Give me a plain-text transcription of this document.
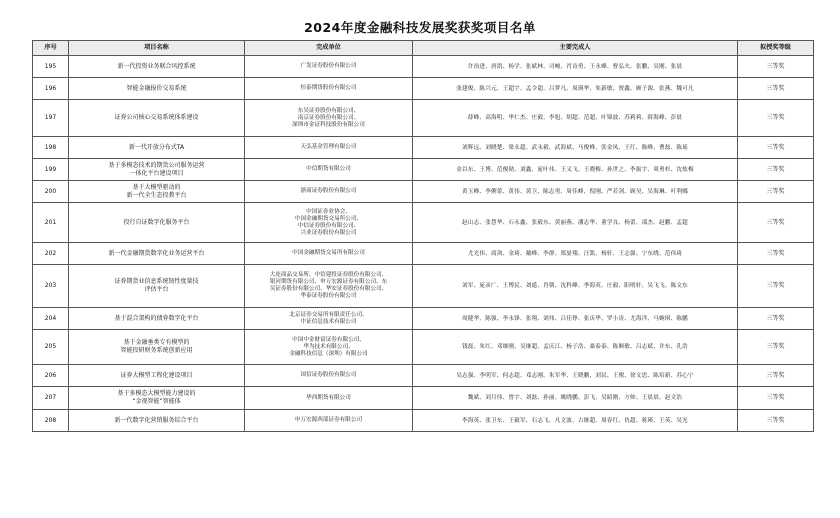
2024年度金融科技发展奖获奖项目名单
序号	项目名称	完成单位	主要完成人	拟授奖等级
195	新一代投资业务联合风控系统	广发证券股份有限公司	许治进、唐凯、杨学、张斌林、司峻、肖诗勇、王永峰、曹弘夫、张鹏、吴刚、张晨	三等奖
196	智能金融报价交易系统	恒泰期货股份有限公司	张建俊、陈兴元、王超宇、孟令超、吕梦凡、周瑛华、朱新敏、贾鑫、顾子源、张燕、魏可凡	三等奖
197	证券公司核心交易系统体系建设	东吴证券股份有限公司、
南京证券股份有限公司、
深圳市金证科技股份有限公司	薛峰、高海明、华仁杰、庄毅、李旭、胡超、范超、叶锦波、苏莉莉、薛海峰、彭晨	三等奖
198	新一代开放分布式TA	天弘基金管理有限公司	刘辉远、刘晓楚、梁永超、武永毅、武海斌、马俊峰、张金凤、王红、陈峰、曹磊、陈瑶	三等奖
199	基于多模态技术的期货公司服务运营
一体化平台建设项目	中信期货有限公司	金以东、王博、范俊勋、刘鑫、庞叶伟、王义飞、王晓梅、孙世之、李振宇、周勇杉、沈炫梅	三等奖
200	基于大模型驱动的
新一代全生态投教平台	浙商证券股份有限公司	黄玉峰、李俐蕾、黄伟、黄卫、陈志勇、周佳峰、倪刚、严若剑、顾昊、吴海琳、叶利娜	三等奖
201	投行自证数字化服务平台	中国证券业协会、
中国金融期货交易所公司、
中信证券股份有限公司、
兴业证券股份有限公司	赵山志、张慧华、石永鑫、张毅东、黄丽燕、潘志华、董学良、杨蕾、邵杰、赵鹏、孟超	三等奖
202	新一代金融期货数字化业务运营平台	中国金融期货交易所有限公司	尤光伟、商剑、金琦、戴峰、李群、郑晏翔、汪凯、杨轩、王志强、宁东晓、范伟琦	三等奖
203	证券期货业信息系统韧性度量技
评估平台	大连商品交易所、中信建投证券股份有限公司、
银河期货有限公司、申万宏源证券有限公司、东
吴证券股份有限公司、华安证券股份有限公司、
华泰证券股份有限公司	刘军、庞彦广、王博民、刘遥、肖朝、沈科峰、季海英、庄毅、阳明轩、吴飞飞、陈文东	三等奖
204	基于混合架构的债券数字化平台	北京证券交易所有限责任公司、
中证信息技术有限公司	周健华、陈强、李永锋、张翔、刘伟、吕佳铮、张庆华、罗小涛、尤海洋、马婉琪、陈鹏	三等奖
205	基于金融垂类专有模型的
智能投研财务系统创新应用	中国中金财富证券有限公司、
华为技术有限公司、
金融科技信息（深圳）有限公司	钱磊、朱红、邓继刚、吴继超、孟庆江、杨子浩、桑泰泰、陈顺敏、吕志斌、井东、孔浩	三等奖
206	证券大模型工程化建设项目	国信证券股份有限公司	吴志强、李明军、何志超、邓志刚、朱军华、王晓鹏、刘民、王俊、徐文思、陈培新、苏心宁	三等奖
207	基于多模态大模型能力建设的
“金视智能”智能体	华西期货有限公司	魏斌、刘月伟、曾宇、刘磊、孙丽、姚晓鹏、彭飞、吴昭刚、方帅、王晨晨、赵文浩	三等奖
208	新一代数字化营销服务综合平台	申万宏源西部证券有限公司	李海英、张卫东、王毅军、石志飞、凡文波、古继超、周春红、仇超、蒋瑛、王英、吴光	三等奖
